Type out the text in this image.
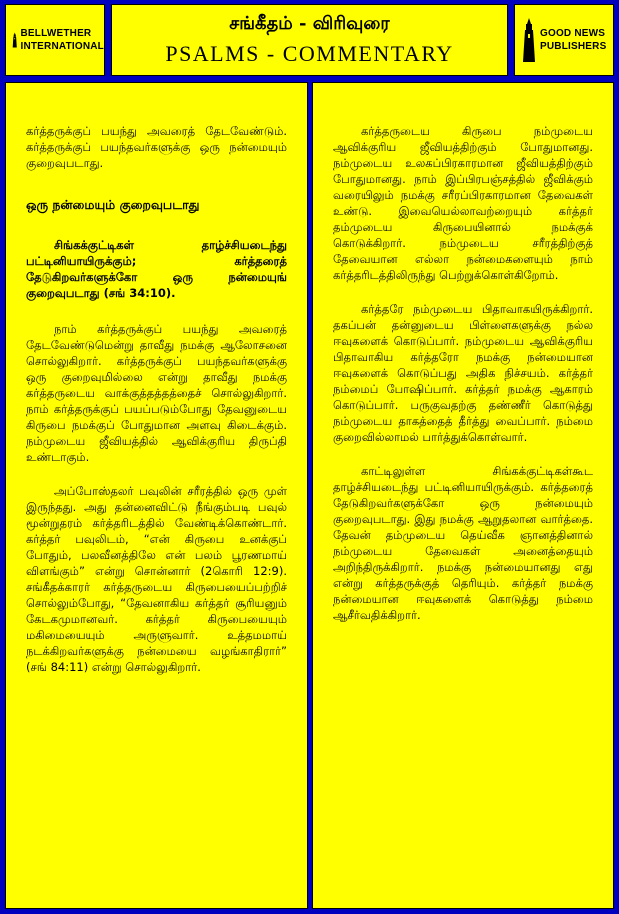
BELLWETHER
INTERNATIONAL
சங்கீதம் - விரிவுரை
PSALMS - COMMENTARY
GOOD NEWS
PUBLISHERS

கர்த்தருக்குப் பயந்து அவரைத் தேடவேண்டும். கர்த்தருக்குப் பயந்தவர்களுக்கு ஒரு நன்மையும் குறைவுபடாது.

ஒரு நன்மையும் குறைவுபடாது

சிங்கக்குட்டிகள் தாழ்ச்சியடைந்து பட்டினியாயிருக்கும்; கர்த்தரைத் தேடுகிறவர்களுக்கோ ஒரு நன்மையுங் குறைவுபடாது (சங் 34:10).

நாம் கர்த்தருக்குப் பயந்து அவரைத் தேடவேண்டுமென்று தாவீது நமக்கு ஆலோசனை சொல்லுகிறார். கர்த்தருக்குப் பயந்தவர்களுக்கு ஒரு குறைவுமில்லை என்று தாவீது நமக்கு கர்த்தருடைய வாக்குத்தத்தத்தைச் சொல்லுகிறார். நாம் கர்த்தருக்குப் பயப்படும்போது தேவனுடைய கிருபை நமக்குப் போதுமான அளவு கிடைக்கும். நம்முடைய ஜீவியத்தில் ஆவிக்குரிய திருப்தி உண்டாகும்.

அப்போஸ்தலர் பவுலின் சரீரத்தில் ஒரு முள் இருந்தது. அது தன்னைவிட்டு நீங்கும்படி பவுல் மூன்றுதரம் கர்த்தரிடத்தில் வேண்டிக்கொண்டார். கர்த்தர் பவுலிடம், “என் கிருபை உனக்குப் போதும், பலவீனத்திலே என் பலம் பூரணமாய் விளங்கும்” என்று சொன்னார் (2கொரி 12:9). சங்கீதக்காரர் கர்த்தருடைய கிருபையைப்பற்றிச் சொல்லும்போது, “தேவனாகிய கர்த்தர் சூரியனும் கேடகமுமானவர். கர்த்தர் கிருபையையும் மகிமையையும் அருளுவார். உத்தமமாய் நடக்கிறவர்களுக்கு நன்மையை வழங்காதிரார்” (சங் 84:11) என்று சொல்லுகிறார்.

கர்த்தருடைய கிருபை நம்முடைய ஆவிக்குரிய ஜீவியத்திற்கும் போதுமானது. நம்முடைய உலகப்பிரகாரமான ஜீவியத்திற்கும் போதுமானது. நாம் இப்பிரபஞ்சத்தில் ஜீவிக்கும் வரையிலும் நமக்கு சரீரப்பிரகாரமான தேவைகள் உண்டு. இவையெல்லாவற்றையும் கர்த்தர் தம்முடைய கிருபையினால் நமக்குக் கொடுக்கிறார். நம்முடைய சரீரத்திற்குத் தேவையான எல்லா நன்மைகளையும் நாம் கர்த்தரிடத்திலிருந்து பெற்றுக்கொள்கிறோம்.

கர்த்தரே நம்முடைய பிதாவாகயிருக்கிறார். தகப்பன் தன்னுடைய பிள்ளைகளுக்கு நல்ல ஈவுகளைக் கொடுப்பார். நம்முடைய ஆவிக்குரிய பிதாவாகிய கர்த்தரோ நமக்கு நன்மையான ஈவுகளைக் கொடுப்பது அதிக நிச்சயம். கர்த்தர் நம்மைப் போஷிப்பார். கர்த்தர் நமக்கு ஆகாரம் கொடுப்பார். பருகுவதற்கு தண்ணீர் கொடுத்து நம்முடைய தாகத்தைத் தீர்த்து வைப்பார். நம்மை குறைவில்லாமல் பார்த்துக்கொள்வார்.

காட்டிலுள்ள சிங்கக்குட்டிகள்கூட தாழ்ச்சியடைந்து பட்டினியாயிருக்கும். கர்த்தரைத் தேடுகிறவர்களுக்கோ ஒரு நன்மையும் குறைவுபடாது. இது நமக்கு ஆறுதலான வார்த்தை. தேவன் தம்முடைய தெய்வீக ஞானத்தினால் நம்முடைய தேவைகள் அனைத்தையும் அறிந்திருக்கிறார். நமக்கு நன்மையானது எது என்று கர்த்தருக்குத் தெரியும். கர்த்தர் நமக்கு நன்மையான ஈவுகளைக் கொடுத்து நம்மை ஆசீர்வதிக்கிறார்.
